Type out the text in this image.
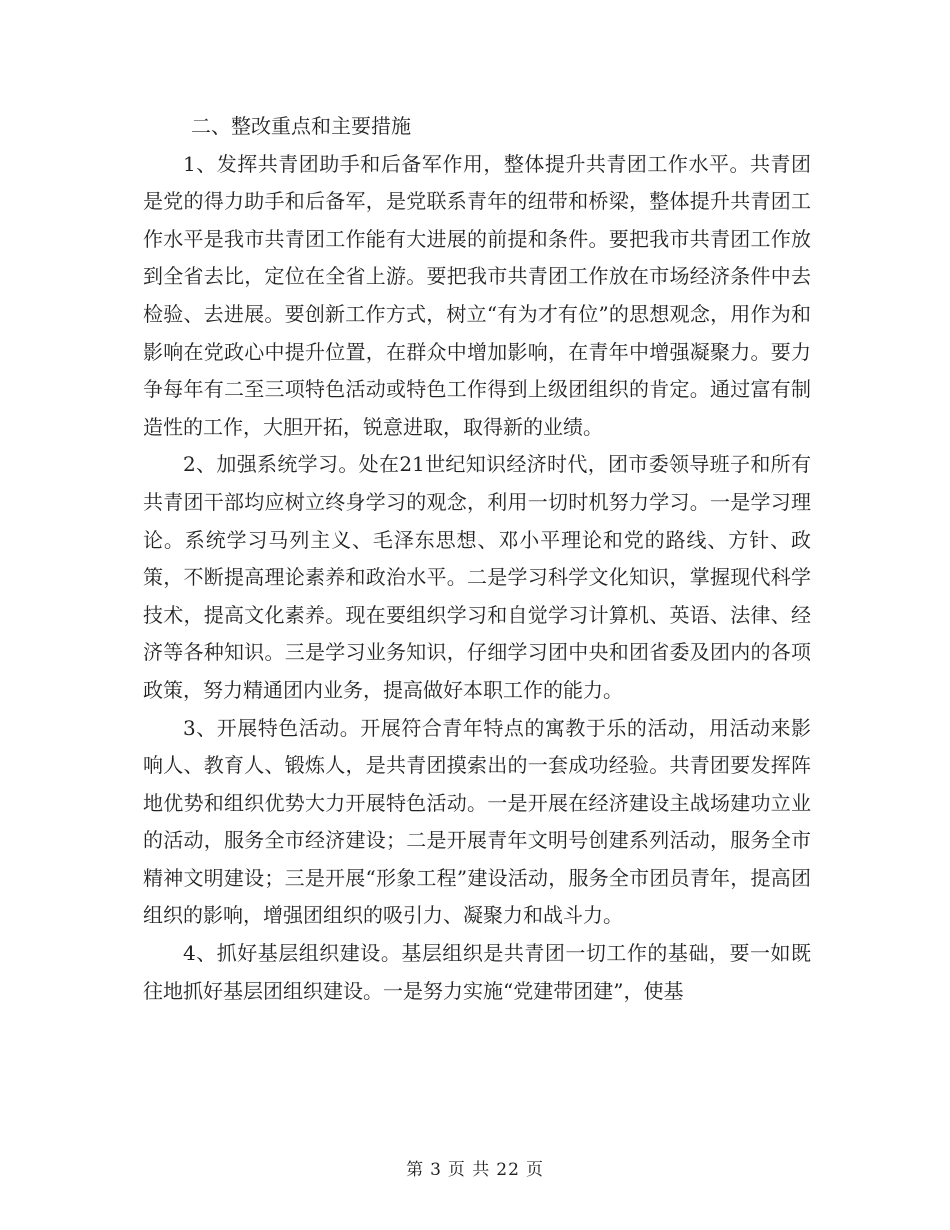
二、整改重点和主要措施

1、发挥共青团助手和后备军作用，整体提升共青团工作水平。共青团是党的得力助手和后备军，是党联系青年的纽带和桥梁，整体提升共青团工作水平是我市共青团工作能有大进展的前提和条件。要把我市共青团工作放到全省去比，定位在全省上游。要把我市共青团工作放在市场经济条件中去检验、去进展。要创新工作方式，树立“有为才有位”的思想观念，用作为和影响在党政心中提升位置，在群众中增加影响，在青年中增强凝聚力。要力争每年有二至三项特色活动或特色工作得到上级团组织的肯定。通过富有制造性的工作，大胆开拓，锐意进取，取得新的业绩。

2、加强系统学习。处在21世纪知识经济时代，团市委领导班子和所有共青团干部均应树立终身学习的观念，利用一切时机努力学习。一是学习理论。系统学习马列主义、毛泽东思想、邓小平理论和党的路线、方针、政策，不断提高理论素养和政治水平。二是学习科学文化知识，掌握现代科学技术，提高文化素养。现在要组织学习和自觉学习计算机、英语、法律、经济等各种知识。三是学习业务知识，仔细学习团中央和团省委及团内的各项政策，努力精通团内业务，提高做好本职工作的能力。

3、开展特色活动。开展符合青年特点的寓教于乐的活动，用活动来影响人、教育人、锻炼人，是共青团摸索出的一套成功经验。共青团要发挥阵地优势和组织优势大力开展特色活动。一是开展在经济建设主战场建功立业的活动，服务全市经济建设；二是开展青年文明号创建系列活动，服务全市精神文明建设；三是开展“形象工程”建设活动，服务全市团员青年，提高团组织的影响，增强团组织的吸引力、凝聚力和战斗力。

4、抓好基层组织建设。基层组织是共青团一切工作的基础，要一如既往地抓好基层团组织建设。一是努力实施“党建带团建”，使基

第 3 页 共 22 页
